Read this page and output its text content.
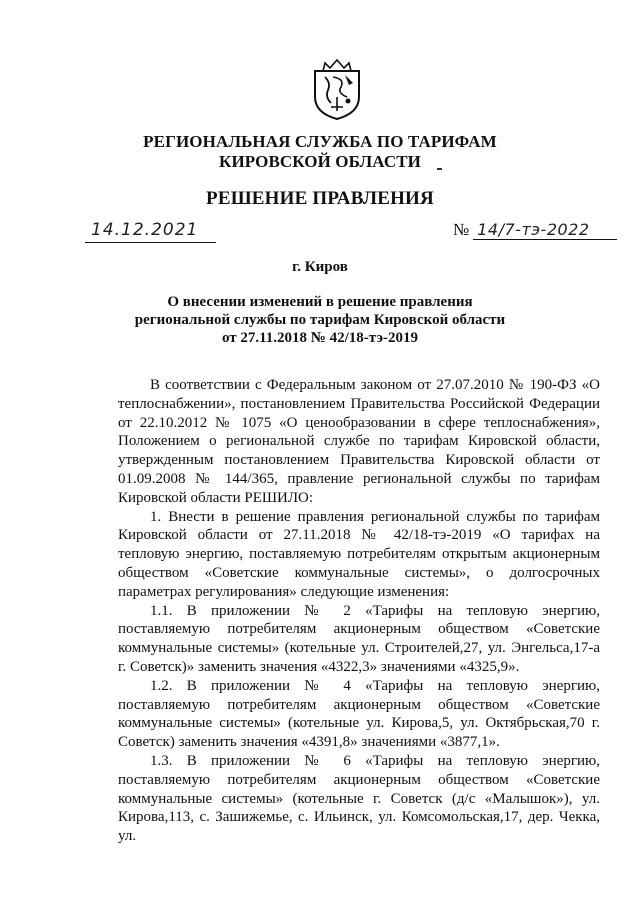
РЕГИОНАЛЬНАЯ СЛУЖБА ПО ТАРИФАМ
КИРОВСКОЙ ОБЛАСТИ
РЕШЕНИЕ ПРАВЛЕНИЯ
14.12.2021	№ 14/7-тэ-2022
г. Киров
О внесении изменений в решение правления
региональной службы по тарифам Кировской области
от 27.11.2018 № 42/18-тэ-2019

В соответствии с Федеральным законом от 27.07.2010 № 190-ФЗ «О теплоснабжении», постановлением Правительства Российской Федерации от 22.10.2012 № 1075 «О ценообразовании в сфере теплоснабжения», Положением о региональной службе по тарифам Кировской области, утвержденным постановлением Правительства Кировской области от 01.09.2008 № 144/365, правление региональной службы по тарифам Кировской области РЕШИЛО:

1. Внести в решение правления региональной службы по тарифам Кировской области от 27.11.2018 № 42/18-тэ-2019 «О тарифах на тепловую энергию, поставляемую потребителям открытым акционерным обществом «Советские коммунальные системы», о долгосрочных параметрах регулирования» следующие изменения:

1.1. В приложении № 2 «Тарифы на тепловую энергию, поставляемую потребителям акционерным обществом «Советские коммунальные системы» (котельные ул. Строителей,27, ул. Энгельса,17-а г. Советск)» заменить значения «4322,3» значениями «4325,9».

1.2. В приложении № 4 «Тарифы на тепловую энергию, поставляемую потребителям акционерным обществом «Советские коммунальные системы» (котельные ул. Кирова,5, ул. Октябрьская,70 г. Советск) заменить значения «4391,8» значениями «3877,1».

1.3. В приложении № 6 «Тарифы на тепловую энергию, поставляемую потребителям акционерным обществом «Советские коммунальные системы» (котельные г. Советск (д/с «Малышок»), ул. Кирова,113, с. Зашижемье, с. Ильинск, ул. Комсомольская,17, дер. Чекка, ул.
